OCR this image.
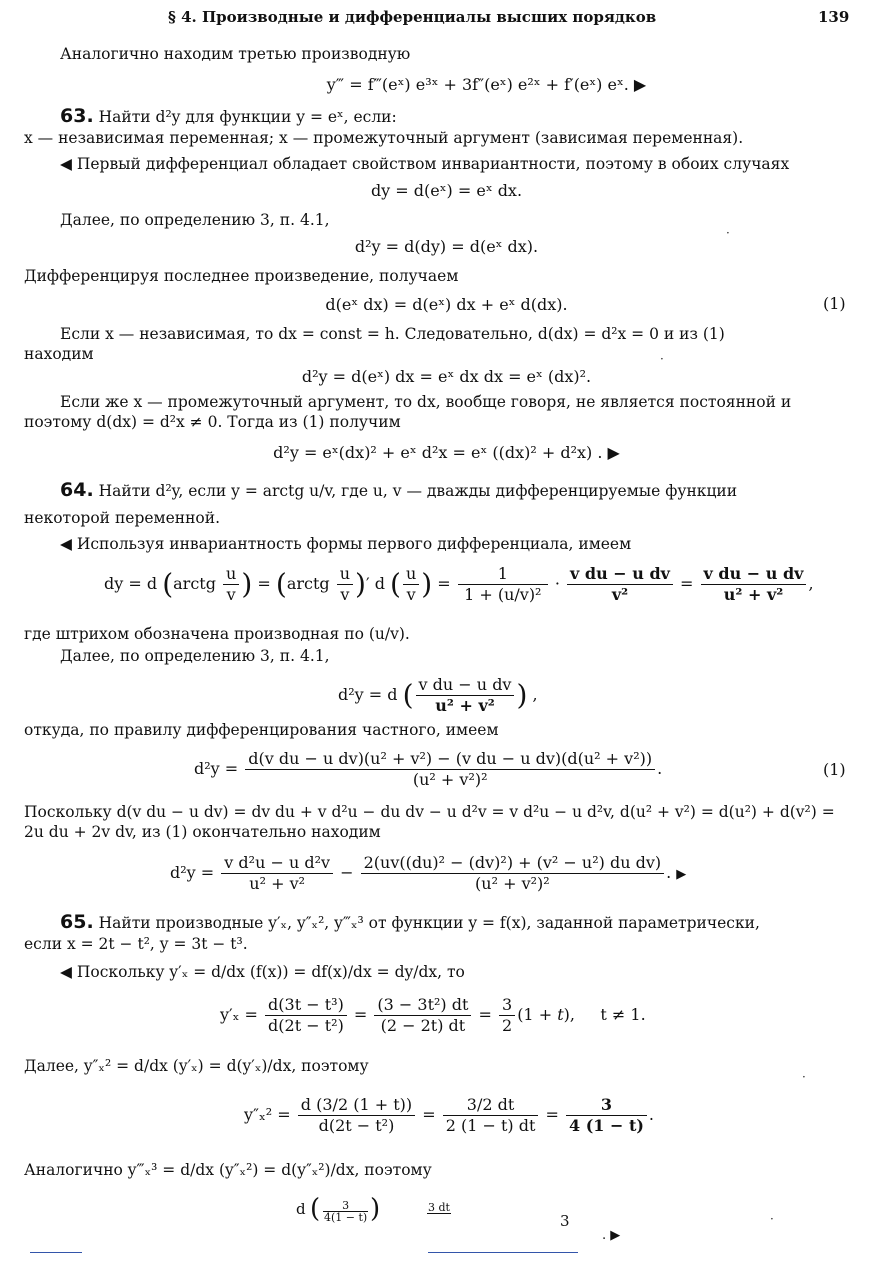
§ 4. Производные и дифференциалы высших порядков	139
Аналогично находим третью производную
y‴ = f‴(eˣ) e³ˣ + 3f″(eˣ) e²ˣ + f′(eˣ) eˣ. ▶
63. Найти d²y для функции y = eˣ, если:
x — независимая переменная; x — промежуточный аргумент (зависимая переменная).
◀ Первый дифференциал обладает свойством инвариантности, поэтому в обоих случаях
dy = d(eˣ) = eˣ dx.
Далее, по определению 3, п. 4.1,
d²y = d(dy) = d(eˣ dx).
Дифференцируя последнее произведение, получаем
d(eˣ dx) = d(eˣ) dx + eˣ d(dx).	(1)
Если x — независимая, то dx = const = h. Следовательно, d(dx) = d²x = 0 и из (1)
находим
d²y = d(eˣ) dx = eˣ dx dx = eˣ (dx)².
Если же x — промежуточный аргумент, то dx, вообще говоря, не является постоянной и
поэтому d(dx) = d²x ≠ 0. Тогда из (1) получим
d²y = eˣ(dx)² + eˣ d²x = eˣ ((dx)² + d²x) . ▶
64. Найти d²y, если y = arctg u/v, где u, v — дважды дифференцируемые функции
некоторой переменной.
◀ Используя инвариантность формы первого дифференциала, имеем
dy = d (arctg $\frac{u}{v}$ ) = (arctg $\frac{u}{v}$ )′ d ( $\frac{u}{v}$ ) = $\frac{1}{\text{1 + (u/v)²}} \cdot \frac{\text{v du − u dv}}{\text{v²}} = \frac{\text{v du − u dv}}{\text{u² + v²}}$ ,
где штрихом обозначена производная по (u/v).
Далее, по определению 3, п. 4.1,
d²y = d ( $\frac{\text{v du − u dv}}{\text{u² + v²}}$ ) ,
откуда, по правилу дифференцирования частного, имеем
$d^2y = \frac{\text{d(v du − u dv)(u² + v²) − (v du − u dv)(d(u² + v²))}}{\text{(u² + v²)²}}$ .	(1)
Поскольку d(v du − u dv) = dv du + v d²u − du dv − u d²v = v d²u − u d²v, d(u² + v²) = d(u²) + d(v²) =
2u du + 2v dv, из (1) окончательно находим
$d^2y = \frac{\text{v d²u − u d²v}}{\text{u² + v²}} - \frac{\text{2(uv((du)² − (dv)²) + (v² − u²) du dv)}}{\text{(u² + v²)²}}$ . ▶
65. Найти производные y′ₓ, y″ₓ², y‴ₓ³ от функции y = f(x), заданной параметрически,
если x = 2t − t², y = 3t − t³.
◀ Поскольку y′ₓ = d/dx (f(x)) = df(x)/dx = dy/dx, то
$y'_x = \frac{\text{d(3t − t³)}}{\text{d(2t − t²)}} = \frac{\text{(3 − 3t²) dt}}{(2 - 2t) dt} = \frac{3}{2} (1 + t)$,     t ≠ 1.
Далее, y″ₓ² = d/dx (y′ₓ) = d(y′ₓ)/dx, поэтому
$y''_x^2 = \frac{d (3/2 (1 + t))}{\text{d(2t − t²)}} = \frac{3/2 dt}{2 (1 - t) dt} = \frac{3}{4 (1 - t)}$ .
Аналогично y‴ₓ³ = d/dx (y″ₓ²) = d(y″ₓ²)/dx, поэтому
d (	3
4(1 − t) )	3 dt

3
. ▶
·
·
·
·
